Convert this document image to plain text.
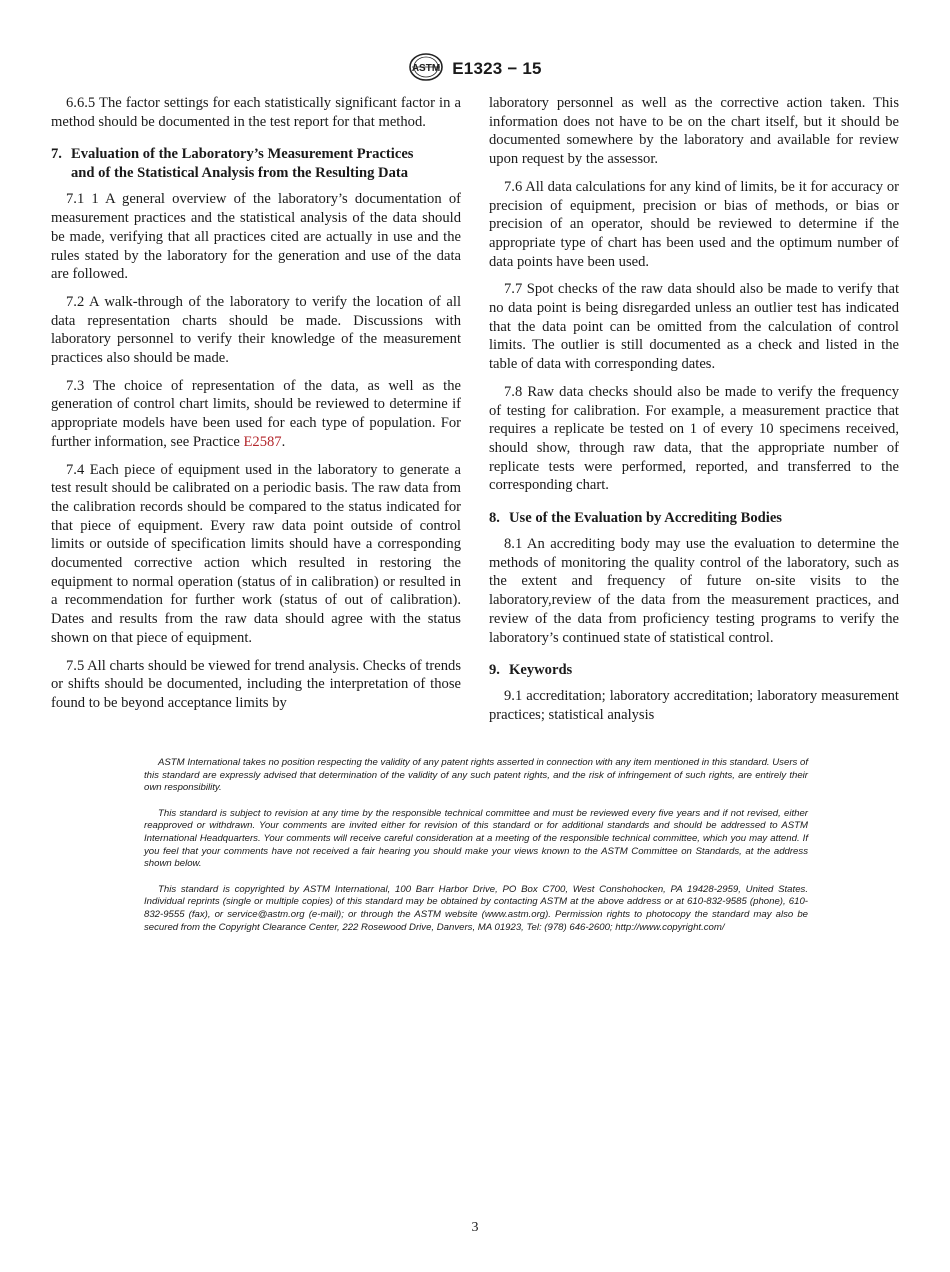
ASTM E1323 − 15

6.6.5 The factor settings for each statistically significant factor in a method should be documented in the test report for that method.

7. Evaluation of the Laboratory’s Measurement Practices
and of the Statistical Analysis from the Resulting Data

7.1 1 A general overview of the laboratory’s documentation of measurement practices and the statistical analysis of the data should be made, verifying that all practices cited are actually in use and the rules stated by the laboratory for the generation and use of the data are followed.

7.2 A walk-through of the laboratory to verify the location of all data representation charts should be made. Discussions with laboratory personnel to verify their knowledge of the measurement practices also should be made.

7.3 The choice of representation of the data, as well as the generation of control chart limits, should be reviewed to determine if appropriate models have been used for each type of population. For further information, see Practice E2587.

7.4 Each piece of equipment used in the laboratory to generate a test result should be calibrated on a periodic basis. The raw data from the calibration records should be compared to the status indicated for that piece of equipment. Every raw data point outside of control limits or outside of specification limits should have a corresponding documented corrective action which resulted in restoring the equipment to normal operation (status of in calibration) or resulted in a recommendation for further work (status of out of calibration). Dates and results from the raw data should agree with the status shown on that piece of equipment.

7.5 All charts should be viewed for trend analysis. Checks of trends or shifts should be documented, including the interpretation of those found to be beyond acceptance limits by

laboratory personnel as well as the corrective action taken. This information does not have to be on the chart itself, but it should be documented somewhere by the laboratory and available for review upon request by the assessor.

7.6 All data calculations for any kind of limits, be it for accuracy or precision of equipment, precision or bias of methods, or bias or precision of an operator, should be reviewed to determine if the appropriate type of chart has been used and the optimum number of data points have been used.

7.7 Spot checks of the raw data should also be made to verify that no data point is being disregarded unless an outlier test has indicated that the data point can be omitted from the calculation of control limits. The outlier is still documented as a check and listed in the table of data with corresponding dates.

7.8 Raw data checks should also be made to verify the frequency of testing for calibration. For example, a measurement practice that requires a replicate be tested on 1 of every 10 specimens received, should show, through raw data, that the appropriate number of replicate tests were performed, reported, and transferred to the corresponding chart.

8. Use of the Evaluation by Accrediting Bodies

8.1 An accrediting body may use the evaluation to determine the methods of monitoring the quality control of the laboratory, such as the extent and frequency of future on-site visits to the laboratory,review of the data from the measurement practices, and review of the data from proficiency testing programs to verify the laboratory’s continued state of statistical control.

9. Keywords

9.1 accreditation; laboratory accreditation; laboratory measurement practices; statistical analysis

ASTM International takes no position respecting the validity of any patent rights asserted in connection with any item mentioned in this standard. Users of this standard are expressly advised that determination of the validity of any such patent rights, and the risk of infringement of such rights, are entirely their own responsibility.

This standard is subject to revision at any time by the responsible technical committee and must be reviewed every five years and if not revised, either reapproved or withdrawn. Your comments are invited either for revision of this standard or for additional standards and should be addressed to ASTM International Headquarters. Your comments will receive careful consideration at a meeting of the responsible technical committee, which you may attend. If you feel that your comments have not received a fair hearing you should make your views known to the ASTM Committee on Standards, at the address shown below.

This standard is copyrighted by ASTM International, 100 Barr Harbor Drive, PO Box C700, West Conshohocken, PA 19428-2959, United States. Individual reprints (single or multiple copies) of this standard may be obtained by contacting ASTM at the above address or at 610-832-9585 (phone), 610-832-9555 (fax), or service@astm.org (e-mail); or through the ASTM website (www.astm.org). Permission rights to photocopy the standard may also be secured from the Copyright Clearance Center, 222 Rosewood Drive, Danvers, MA 01923, Tel: (978) 646-2600; http://www.copyright.com/

3
